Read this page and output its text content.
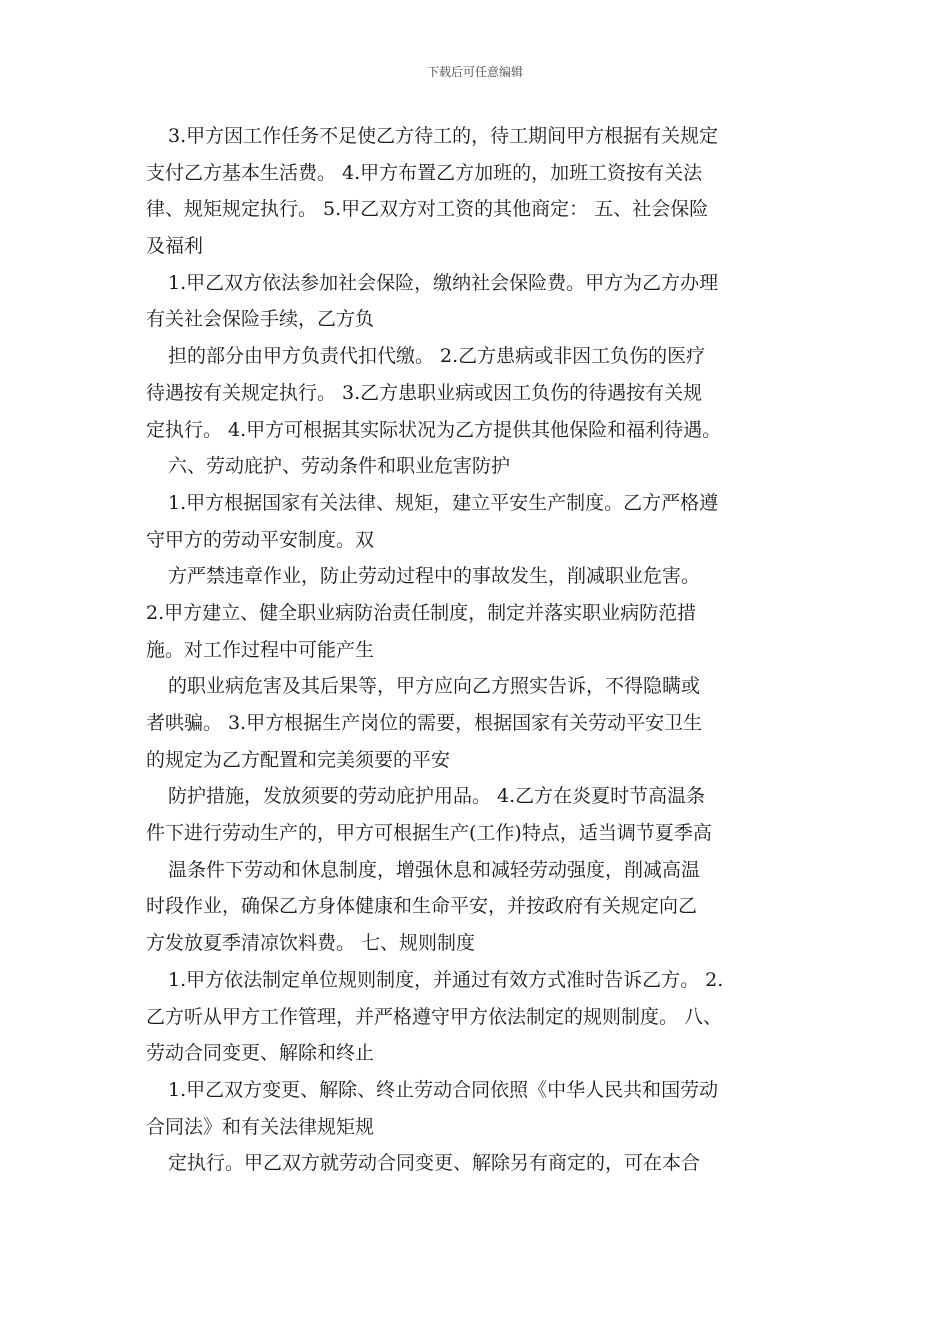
下载后可任意编辑

3.甲方因工作任务不足使乙方待工的，待工期间甲方根据有关规定
支付乙方基本生活费。 4.甲方布置乙方加班的，加班工资按有关法
律、规矩规定执行。 5.甲乙双方对工资的其他商定： 五、社会保险
及福利

1.甲乙双方依法参加社会保险，缴纳社会保险费。甲方为乙方办理
有关社会保险手续，乙方负

担的部分由甲方负责代扣代缴。 2.乙方患病或非因工负伤的医疗
待遇按有关规定执行。 3.乙方患职业病或因工负伤的待遇按有关规
定执行。 4.甲方可根据其实际状况为乙方提供其他保险和福利待遇。

六、劳动庇护、劳动条件和职业危害防护

1.甲方根据国家有关法律、规矩，建立平安生产制度。乙方严格遵
守甲方的劳动平安制度。双

方严禁违章作业，防止劳动过程中的事故发生，削减职业危害。
2.甲方建立、健全职业病防治责任制度，制定并落实职业病防范措
施。对工作过程中可能产生

的职业病危害及其后果等，甲方应向乙方照实告诉，不得隐瞒或
者哄骗。 3.甲方根据生产岗位的需要，根据国家有关劳动平安卫生
的规定为乙方配置和完美须要的平安

防护措施，发放须要的劳动庇护用品。 4.乙方在炎夏时节高温条
件下进行劳动生产的，甲方可根据生产(工作)特点，适当调节夏季高

温条件下劳动和休息制度，增强休息和减轻劳动强度，削减高温
时段作业，确保乙方身体健康和生命平安，并按政府有关规定向乙
方发放夏季清凉饮料费。 七、规则制度

1.甲方依法制定单位规则制度，并通过有效方式准时告诉乙方。 2.
乙方听从甲方工作管理，并严格遵守甲方依法制定的规则制度。 八、
劳动合同变更、解除和终止

1.甲乙双方变更、解除、终止劳动合同依照《中华人民共和国劳动
合同法》和有关法律规矩规

定执行。甲乙双方就劳动合同变更、解除另有商定的，可在本合
